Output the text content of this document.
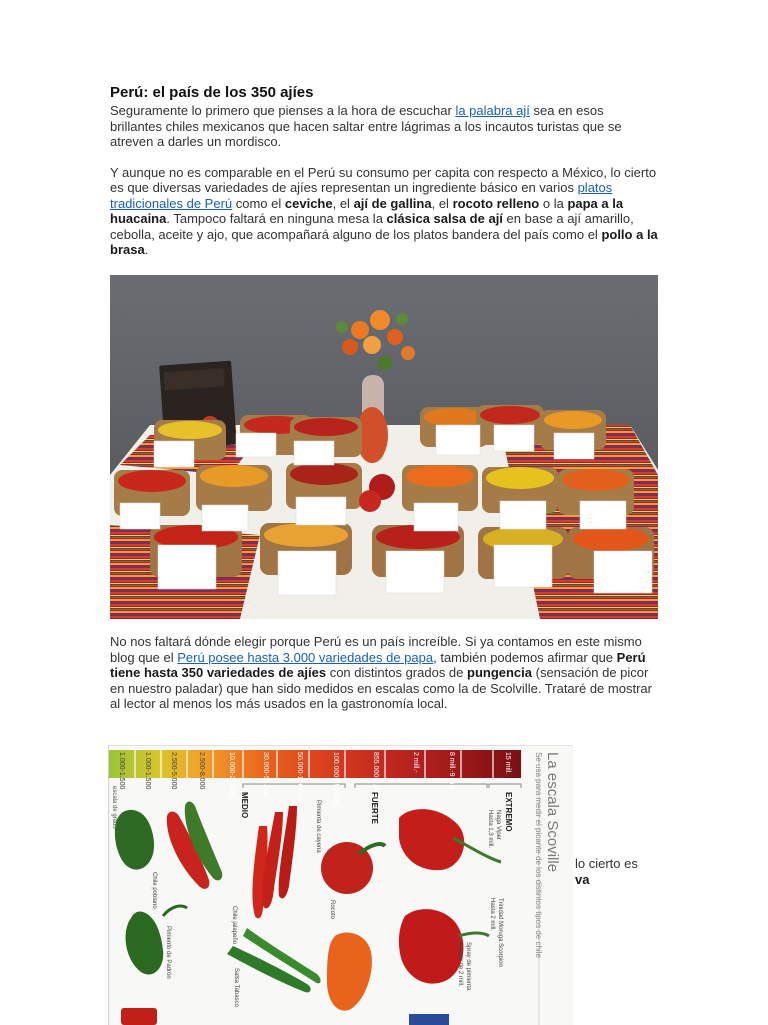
Perú: el país de los 350 ajíes

Seguramente lo primero que pienses a la hora de escuchar la palabra ají sea en esos brillantes chiles mexicanos que hacen saltar entre lágrimas a los incautos turistas que se atreven a darles un mordisco.

Y aunque no es comparable en el Perú su consumo per capita con respecto a México, lo cierto es que diversas variedades de ajíes representan un ingrediente básico en varios platos tradicionales de Perú como el ceviche, el ají de gallina, el rocoto relleno o la papa a la huacaina. Tampoco faltará en ninguna mesa la clásica salsa de ají en base a ají amarillo, cebolla, aceite y ajo, que acompañará alguno de los platos bandera del país como el pollo a la brasa.

No nos faltará dónde elegir porque Perú es un país increíble. Si ya contamos en este mismo blog que el Perú posee hasta 3.000 variedades de papa, también podemos afirmar que Perú tiene hasta 350 variedades de ajíes con distintos grados de pungencia (sensación de picor en nuestro paladar) que han sido medidos en escalas como la de Scolville. Trataré de mostrar al lector al menos los más usados en la gastronomía local.

La escala Scoville
Se usa para medir el picante de los distintos tipos de chile
1.000-1.500	1.000-1.500	2.500-5.000	2.500-8.000	10.000-23.000	30.000-50.000	50.000-100.000	100.000-350.000	855.000-1,4 mill.	2 mill.-	8 mill.-9 mill.	15 mill.
escala de grado	MEDIO	FUERTE	EXTREMO
Chile poblano
Chile jalapeño
Pimiento de Padrón
Salsa Tabasco
Pimienta de cayena
Rocoto
Naga Viper
Hasta 1,3 mill.
Trinidad Moruga Scorpion
Hasta 2 mill.
Spray de pimienta
A partir de 2 mill.
lo cierto es
va
